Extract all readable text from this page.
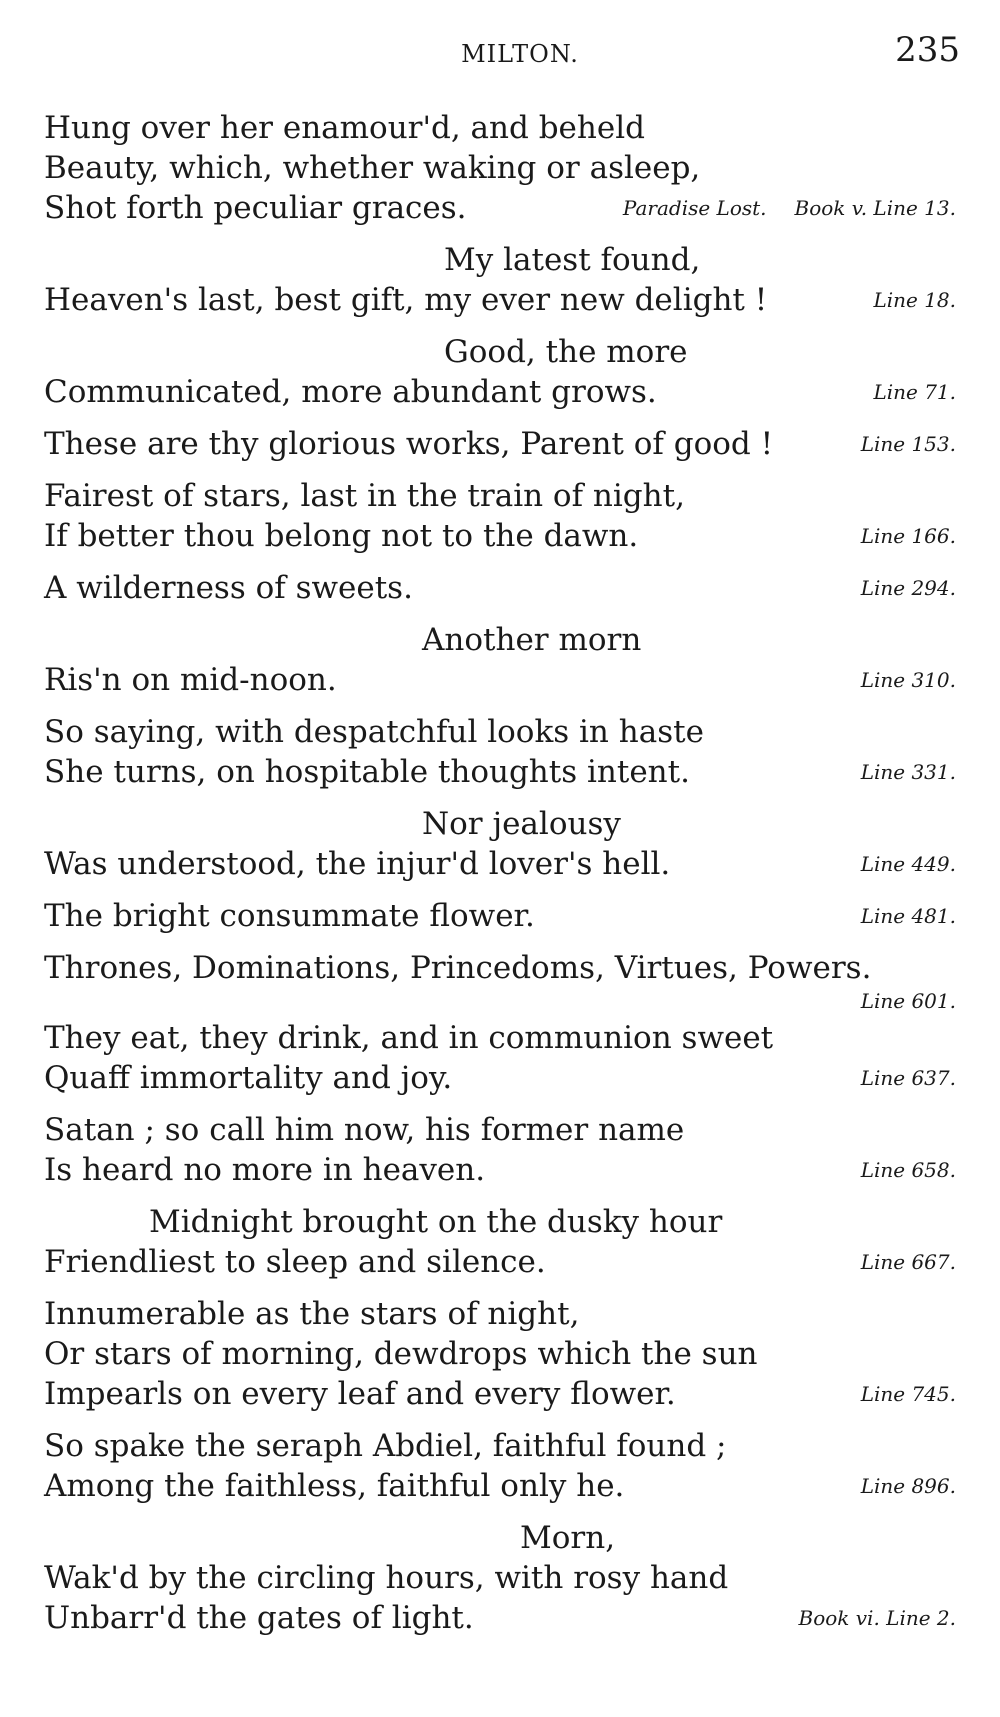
MILTON.	235
Hung over her enamour'd, and beheld
Beauty, which, whether waking or asleep,
Shot forth peculiar graces.	Paradise Lost. Book v. Line 13.
My latest found,
Heaven's last, best gift, my ever new delight !	Line 18.
Good, the more
Communicated, more abundant grows.	Line 71.
These are thy glorious works, Parent of good !	Line 153.
Fairest of stars, last in the train of night,
If better thou belong not to the dawn.	Line 166.
A wilderness of sweets.	Line 294.
Another morn
Ris'n on mid-noon.	Line 310.
So saying, with despatchful looks in haste
She turns, on hospitable thoughts intent.	Line 331.
Nor jealousy
Was understood, the injur'd lover's hell.	Line 449.
The bright consummate flower.	Line 481.
Thrones, Dominations, Princedoms, Virtues, Powers.
Line 601.
They eat, they drink, and in communion sweet
Quaff immortality and joy.	Line 637.
Satan ; so call him now, his former name
Is heard no more in heaven.	Line 658.
Midnight brought on the dusky hour
Friendliest to sleep and silence.	Line 667.
Innumerable as the stars of night,
Or stars of morning, dewdrops which the sun
Impearls on every leaf and every flower.	Line 745.
So spake the seraph Abdiel, faithful found ;
Among the faithless, faithful only he.	Line 896.
Morn,
Wak'd by the circling hours, with rosy hand
Unbarr'd the gates of light.	Book vi. Line 2.
